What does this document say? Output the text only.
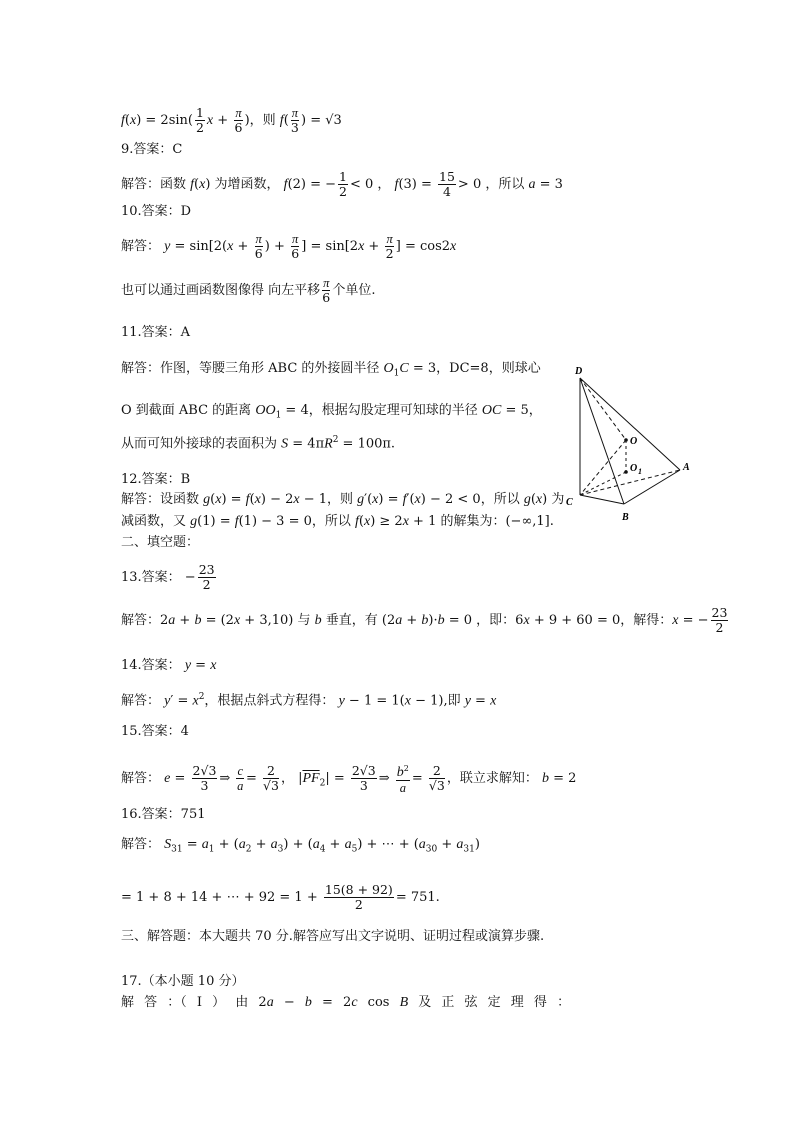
$f(x) = 2\sin( \frac{1}{2}$ $x + \frac{\pi}{6}$ )，则 $f( \frac{\pi}{3}$ ) = √3
9.答案：C
解答：函数 f(x) 为增函数， f(2) = − $\frac{1}{2} < 0$ ， $f(3) = \frac{15}{4} > 0$ ，所以 a = 3
10.答案：D
解答： $y = \sin[2(x + \frac{\pi}{6}$ ) + $\frac{\pi}{6}$ ] = $\sin[2x + \frac{\pi}{2}$ ] = cos2x
也可以通过画函数图像得 向左平移 $\frac{\pi}{6}$ 个单位.
11.答案：A
解答：作图，等腰三角形 ABC 的外接圆半径 $O_1C = 3$，DC=8，则球心
O 到截面 ABC 的距离 $OO_1 = 4$，根据勾股定理可知球的半径 OC = 5，
从而可知外接球的表面积为 $S = 4\pi R^2 = 100\pi$.
D
O
O 1	A
B
C
12.答案：B
解答：设函数 g(x) = f(x) − 2x − 1，则 g′(x) = f′(x) − 2 < 0，所以 g(x) 为
减函数，又 g(1) = f(1) − 3 = 0，所以 f(x) ≥ 2x + 1 的解集为：(−∞,1].
二、填空题：
13.答案： − $\frac{23}{2}$
解答：2a + b = (2x + 3,10) 与 b 垂直，有 (2a + b)·b = 0 ，即：6x + 9 + 60 = 0，解得：x = − $\frac{23}{2}$
14.答案： y = x
解答： $y' = x^2$，根据点斜式方程得： y − 1 = 1(x − 1),即 y = x
15.答案：4
解答： $e = \frac{2√3}{3}$ ⇒ $\frac{c}{a} = \frac{2}{√3}$ ， $|\overline{PF}_2| = \frac{2√3}{3}$ ⇒ $\frac{b^2}{a} = \frac{2}{√3}$ ，联立求解知： b = 2
16.答案：751
解答： $S_{31} = a_1 + (a_2 + a_3) + (a_4 + a_5)$ + ⋯ + $(a_{30} + a_{31})$
= 1 + 8 + 14 + ⋯ + $92 = 1 + \frac{15(8 + 92)}{2} = 751$.
三、解答题：本大题共 70 分.解答应写出文字说明、证明过程或演算步骤.
17.（本小题 10 分）
解 答 ：（ Ⅰ ） 由 2a − b = 2c cos B 及 正 弦 定 理 得 ：
